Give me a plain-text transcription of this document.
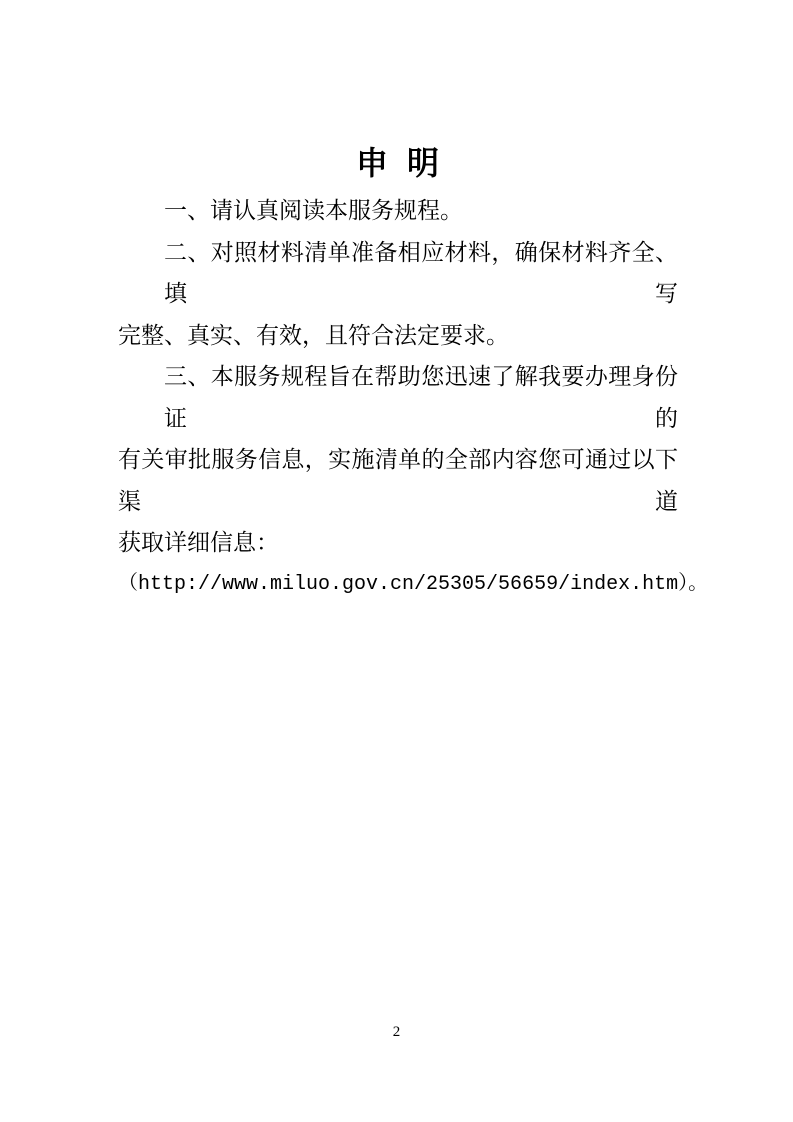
申  明
一、请认真阅读本服务规程。
二、对照材料清单准备相应材料，确保材料齐全、填写
完整、真实、有效，且符合法定要求。
三、本服务规程旨在帮助您迅速了解我要办理身份证的
有关审批服务信息，实施清单的全部内容您可通过以下渠道
获取详细信息：
（http://www.miluo.gov.cn/25305/56659/index.htm）。
2
